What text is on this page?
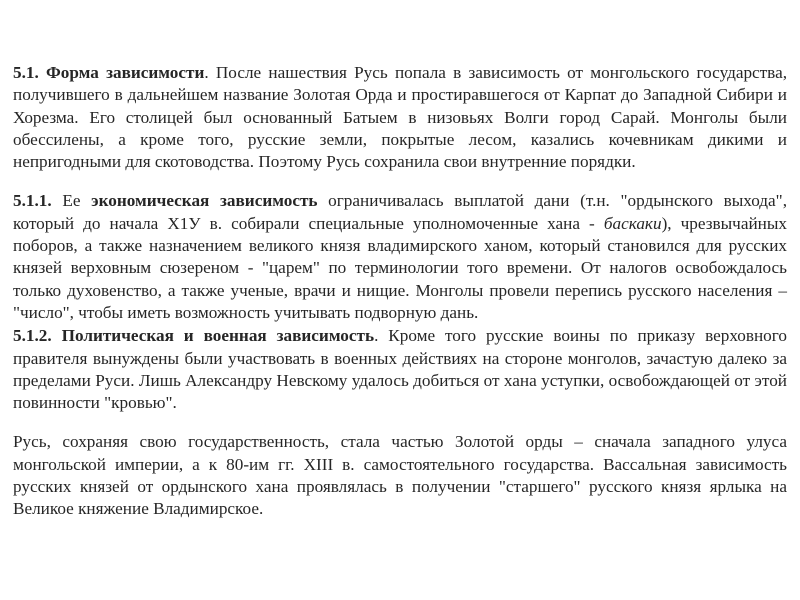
5.1. Форма зависимости. После нашествия Русь попала в зависимость от монгольского государства, получившего в дальнейшем название Золотая Орда и простиравшегося от Карпат до Западной Сибири и Хорезма. Его столицей был основанный Батыем в низовьях Волги город Сарай. Монголы были обессилены, а кроме того, русские земли, покрытые лесом, казались кочевникам дикими и непригодными для скотоводства. Поэтому Русь сохранила свои внутренние порядки.

5.1.1. Ее экономическая зависимость ограничивалась выплатой дани (т.н. "ордынского выхода", который до начала Х1У в. собирали специальные уполномоченные хана - баскаки), чрезвычайных поборов, а также назначением великого князя владимирского ханом, который становился для русских князей верховным сюзереном - "царем" по терминологии того времени. От налогов освобождалось только духовенство, а также ученые, врачи и нищие. Монголы провели перепись русского населения – "число", чтобы иметь возможность учитывать подворную дань.

5.1.2. Политическая и военная зависимость. Кроме того русские воины по приказу верховного правителя вынуждены были участвовать в военных действиях на стороне монголов, зачастую далеко за пределами Руси. Лишь Александру Невскому удалось добиться от хана уступки, освобождающей от этой повинности "кровью".

Русь, сохраняя свою государственность, стала частью Золотой орды – сначала западного улуса монгольской империи, а к 80-им гг. XIII в. самостоятельного государства. Вассальная зависимость русских князей от ордынского хана проявлялась в получении "старшего" русского князя ярлыка на Великое княжение Владимирское.
